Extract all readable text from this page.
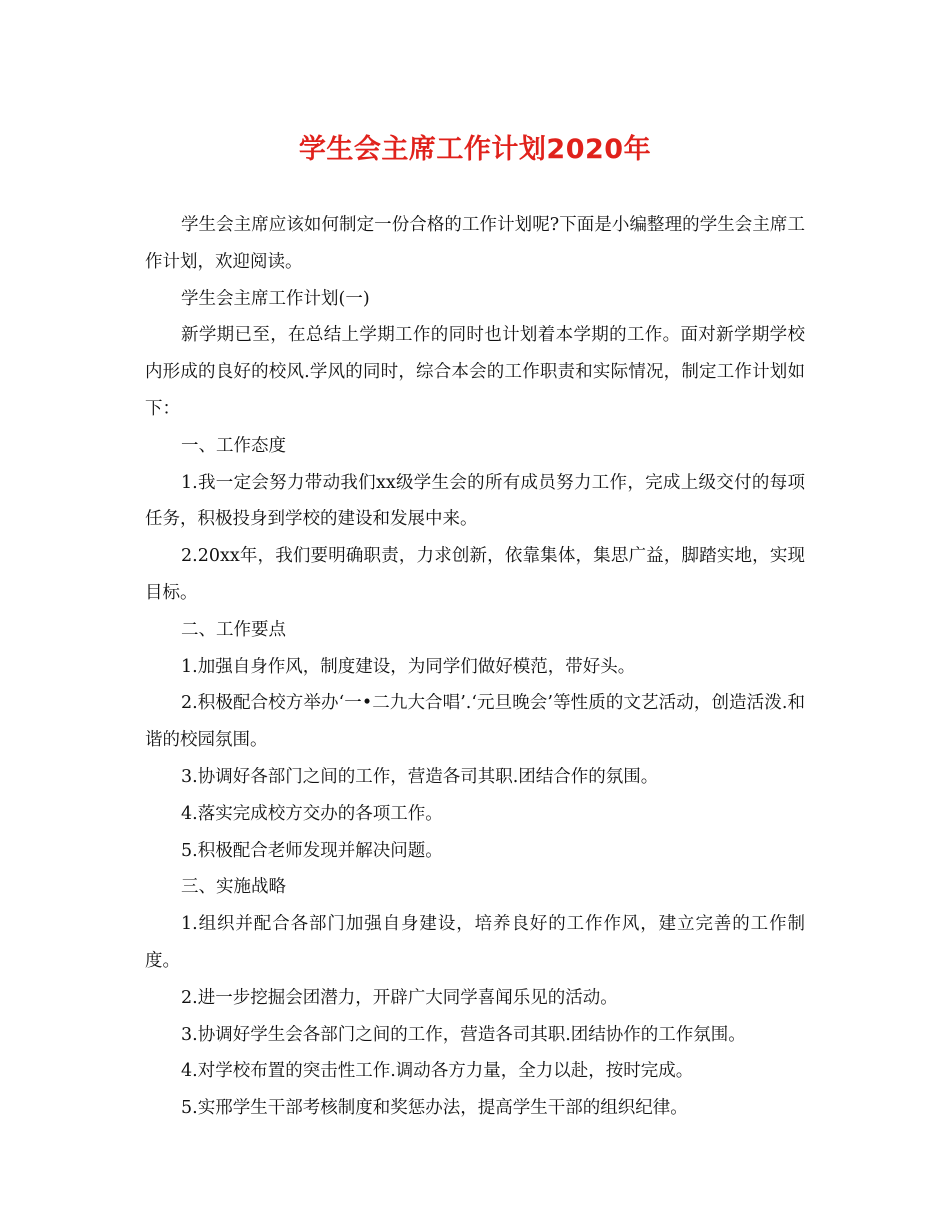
学生会主席工作计划2020年

学生会主席应该如何制定一份合格的工作计划呢?下面是小编整理的学生会主席工作计划，欢迎阅读。

学生会主席工作计划(一)

新学期已至，在总结上学期工作的同时也计划着本学期的工作。面对新学期学校内形成的良好的校风.学风的同时，综合本会的工作职责和实际情况，制定工作计划如下：

一、工作态度

1.我一定会努力带动我们xx级学生会的所有成员努力工作，完成上级交付的每项任务，积极投身到学校的建设和发展中来。

2.20xx年，我们要明确职责，力求创新，依靠集体，集思广益，脚踏实地，实现目标。

二、工作要点

1.加强自身作风，制度建设，为同学们做好模范，带好头。

2.积极配合校方举办‘一•二九大合唱’.‘元旦晚会’等性质的文艺活动，创造活泼.和谐的校园氛围。

3.协调好各部门之间的工作，营造各司其职.团结合作的氛围。

4.落实完成校方交办的各项工作。

5.积极配合老师发现并解决问题。

三、实施战略

1.组织并配合各部门加强自身建设，培养良好的工作作风，建立完善的工作制度。

2.进一步挖掘会团潜力，开辟广大同学喜闻乐见的活动。

3.协调好学生会各部门之间的工作，营造各司其职.团结协作的工作氛围。

4.对学校布置的突击性工作.调动各方力量，全力以赴，按时完成。

5.实邢学生干部考核制度和奖惩办法，提高学生干部的组织纪律。
